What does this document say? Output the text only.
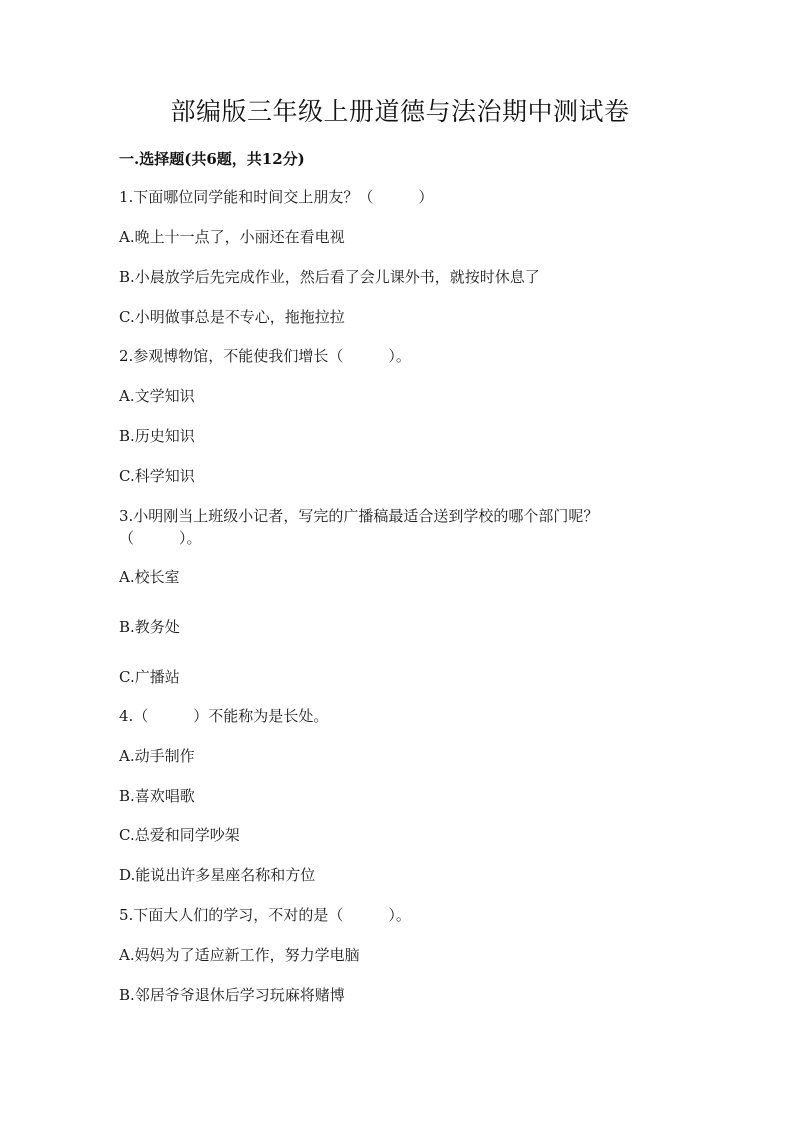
部编版三年级上册道德与法治期中测试卷
一.选择题(共6题，共12分)
1.下面哪位同学能和时间交上朋友？（　　　）
A.晚上十一点了，小丽还在看电视
B.小晨放学后先完成作业，然后看了会儿课外书，就按时休息了
C.小明做事总是不专心，拖拖拉拉
2.参观博物馆，不能使我们增长（　　　）。
A.文学知识
B.历史知识
C.科学知识
3.小明刚当上班级小记者，写完的广播稿最适合送到学校的哪个部门呢？
（　　　）。
A.校长室
B.教务处
C.广播站
4.（　　　）不能称为是长处。
A.动手制作
B.喜欢唱歌
C.总爱和同学吵架
D.能说出许多星座名称和方位
5.下面大人们的学习，不对的是（　　　）。
A.妈妈为了适应新工作，努力学电脑
B.邻居爷爷退休后学习玩麻将赌博
